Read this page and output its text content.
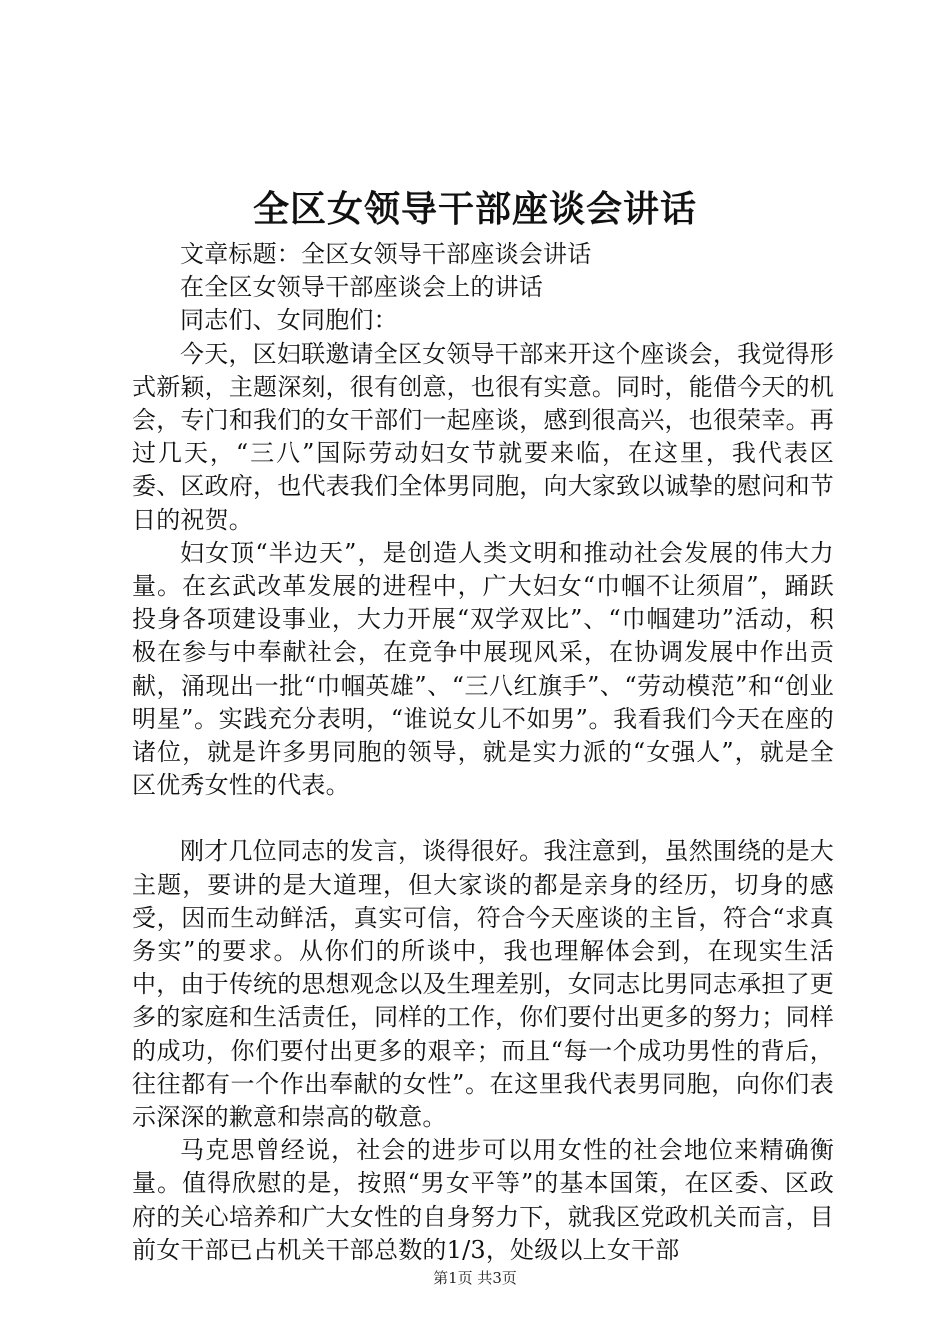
全区女领导干部座谈会讲话

文章标题：全区女领导干部座谈会讲话

在全区女领导干部座谈会上的讲话

同志们、女同胞们：

今天，区妇联邀请全区女领导干部来开这个座谈会，我觉得形式新颖，主题深刻，很有创意，也很有实意。同时，能借今天的机会，专门和我们的女干部们一起座谈，感到很高兴，也很荣幸。再过几天，“三八”国际劳动妇女节就要来临，在这里，我代表区委、区政府，也代表我们全体男同胞，向大家致以诚挚的慰问和节日的祝贺。

妇女顶“半边天”，是创造人类文明和推动社会发展的伟大力量。在玄武改革发展的进程中，广大妇女“巾帼不让须眉”，踊跃投身各项建设事业，大力开展“双学双比”、“巾帼建功”活动，积极在参与中奉献社会，在竞争中展现风采，在协调发展中作出贡献，涌现出一批“巾帼英雄”、“三八红旗手”、“劳动模范”和“创业明星”。实践充分表明，“谁说女儿不如男”。我看我们今天在座的诸位，就是许多男同胞的领导，就是实力派的“女强人”，就是全区优秀女性的代表。

刚才几位同志的发言，谈得很好。我注意到，虽然围绕的是大主题，要讲的是大道理，但大家谈的都是亲身的经历，切身的感受，因而生动鲜活，真实可信，符合今天座谈的主旨，符合“求真务实”的要求。从你们的所谈中，我也理解体会到，在现实生活中，由于传统的思想观念以及生理差别，女同志比男同志承担了更多的家庭和生活责任，同样的工作，你们要付出更多的努力；同样的成功，你们要付出更多的艰辛；而且“每一个成功男性的背后，往往都有一个作出奉献的女性”。在这里我代表男同胞，向你们表示深深的歉意和崇高的敬意。

马克思曾经说，社会的进步可以用女性的社会地位来精确衡量。值得欣慰的是，按照“男女平等”的基本国策，在区委、区政府的关心培养和广大女性的自身努力下，就我区党政机关而言，目前女干部已占机关干部总数的1/3，处级以上女干部

第1页 共3页
